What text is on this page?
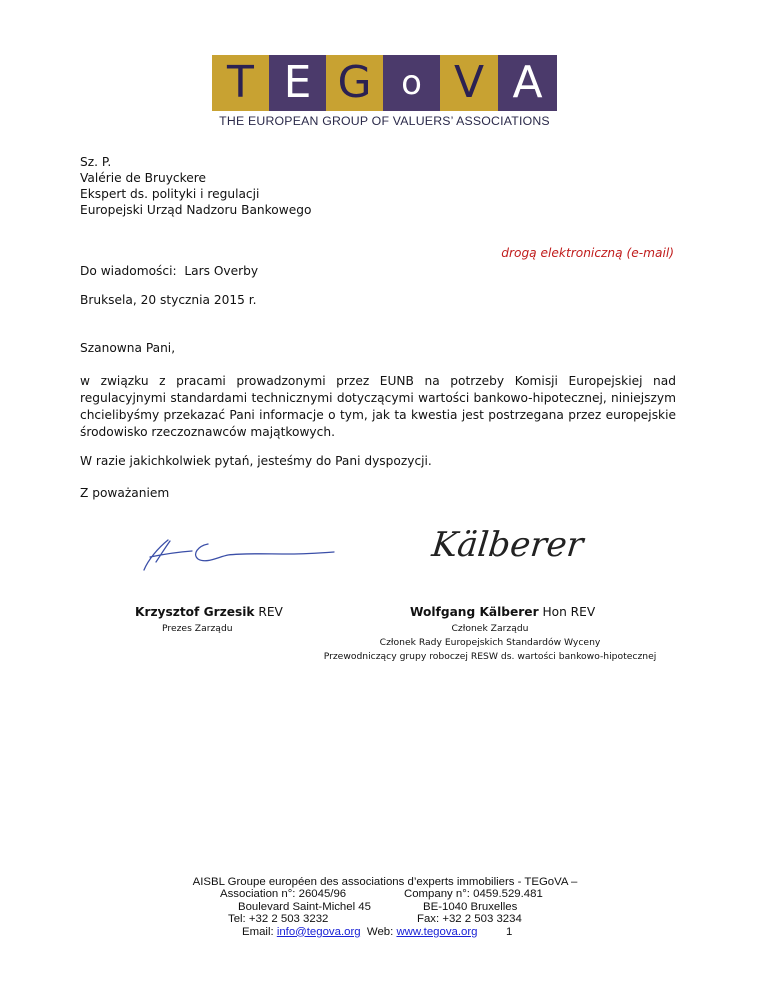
T E G o V A
THE EUROPEAN GROUP OF VALUERS’ ASSOCIATIONS
Sz. P.
Valérie de Bruyckere
Ekspert ds. polityki i regulacji
Europejski Urząd Nadzoru Bankowego
drogą elektroniczną (e-mail)
Do wiadomości:  Lars Overby
Bruksela, 20 stycznia 2015 r.
Szanowna Pani,
w związku z pracami prowadzonymi przez EUNB na potrzeby Komisji Europejskiej nad regulacyjnymi standardami technicznymi dotyczącymi wartości bankowo-hipotecznej, niniejszym chcielibyśmy przekazać Pani informacje o tym, jak ta kwestia jest postrzegana przez europejskie środowisko rzeczoznawców majątkowych.
W razie jakichkolwiek pytań, jesteśmy do Pani dyspozycji.
Z poważaniem
Kälberer
Krzysztof Grzesik REV
Prezes Zarządu
Wolfgang Kälberer Hon REV
Członek Zarządu
Członek Rady Europejskich Standardów Wyceny
Przewodniczący grupy roboczej RESW ds. wartości bankowo-hipotecznej
AISBL Groupe européen des associations d’experts immobiliers - TEGoVA –
Association n°: 26045/96	Company n°: 0459.529.481
Boulevard Saint-Michel 45	BE-1040 Bruxelles
Tel: +32 2 503 3232	Fax: +32 2 503 3234
Email: info@tegova.org  Web: www.tegova.org	1
